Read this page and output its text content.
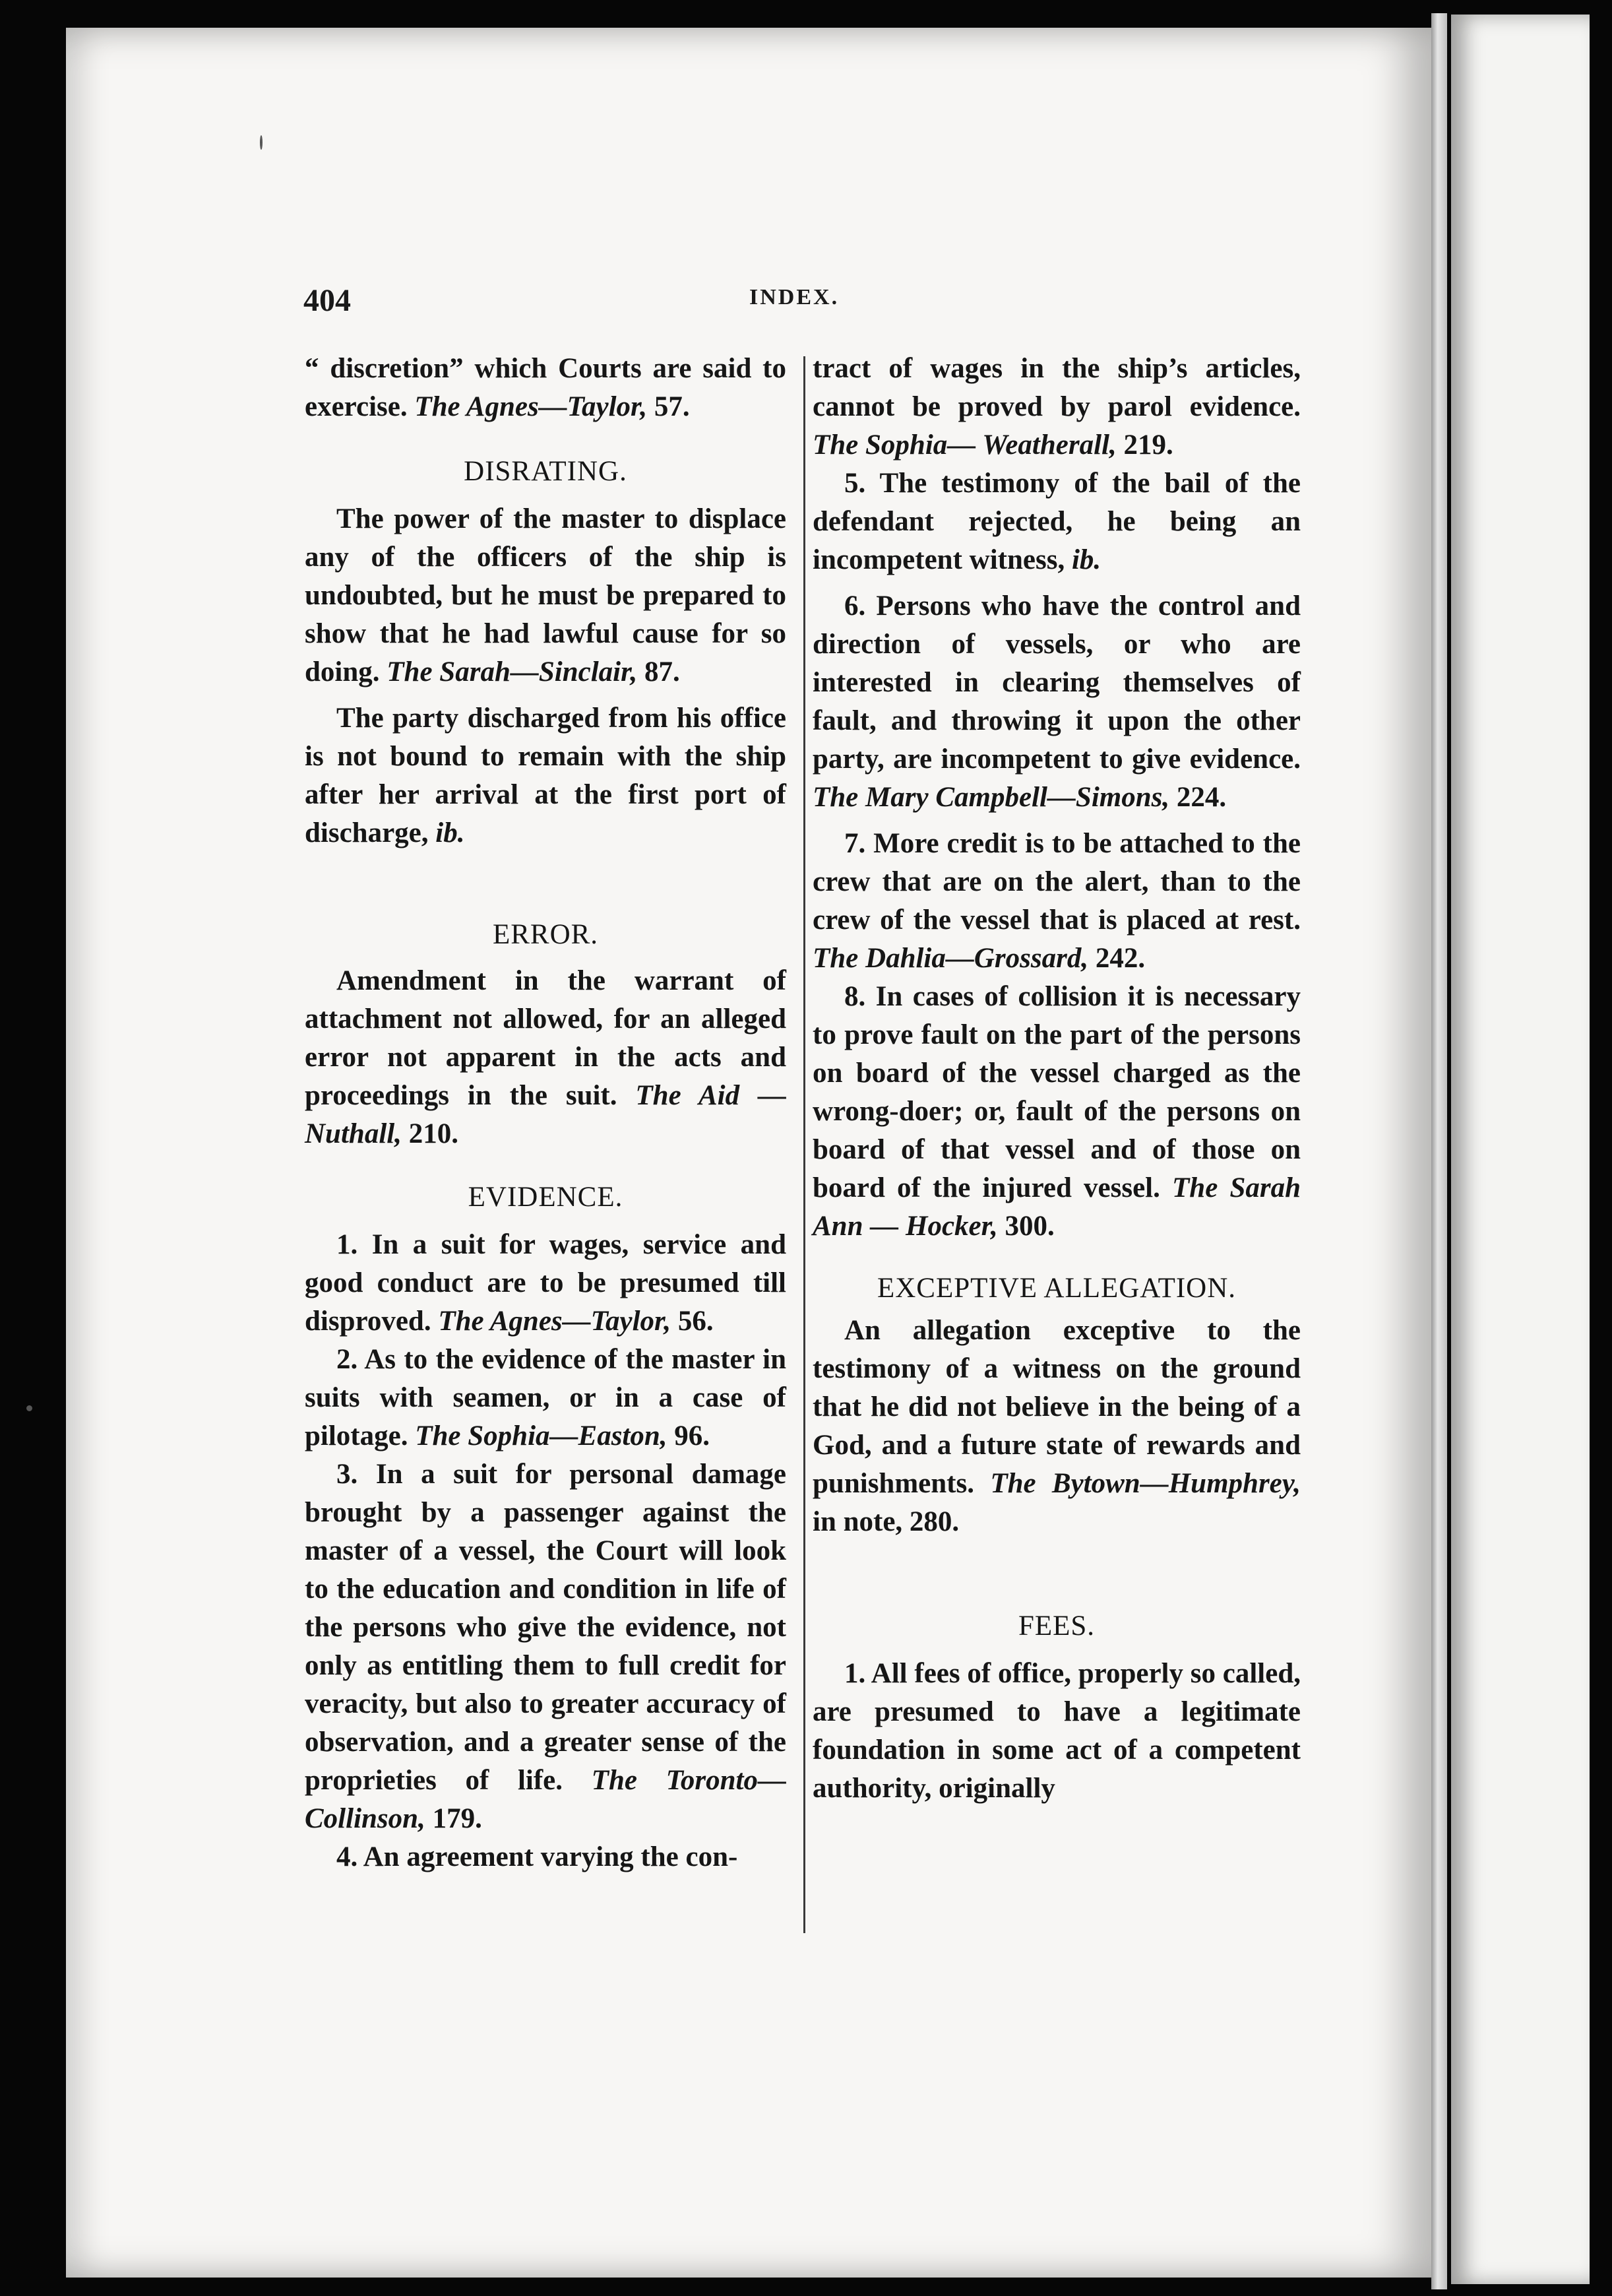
404	INDEX.

“ discretion” which Courts are said to exercise. The Agnes—Taylor, 57.

DISRATING.

The power of the master to displace any of the officers of the ship is undoubted, but he must be prepared to show that he had lawful cause for so doing. The Sarah—Sinclair, 87.

The party discharged from his office is not bound to remain with the ship after her arrival at the first port of discharge, ib.

ERROR.

Amendment in the warrant of attachment not allowed, for an alleged error not apparent in the acts and proceedings in the suit. The Aid —Nuthall, 210.

EVIDENCE.

1. In a suit for wages, service and good conduct are to be presumed till disproved. The Agnes—Taylor, 56.

2. As to the evidence of the master in suits with seamen, or in a case of pilotage. The Sophia—Easton, 96.

3. In a suit for personal damage brought by a passenger against the master of a vessel, the Court will look to the education and condition in life of the persons who give the evidence, not only as entitling them to full credit for veracity, but also to greater accuracy of observation, and a greater sense of the proprieties of life. The Toronto—Collinson, 179.

4. An agreement varying the con-

tract of wages in the ship’s articles, cannot be proved by parol evidence. The Sophia— Weatherall, 219.

5. The testimony of the bail of the defendant rejected, he being an incompetent witness, ib.

6. Persons who have the control and direction of vessels, or who are interested in clearing themselves of fault, and throwing it upon the other party, are incompetent to give evidence. The Mary Campbell—Simons, 224.

7. More credit is to be attached to the crew that are on the alert, than to the crew of the vessel that is placed at rest. The Dahlia—Grossard, 242.

8. In cases of collision it is necessary to prove fault on the part of the persons on board of the vessel charged as the wrong-doer; or, fault of the persons on board of that vessel and of those on board of the injured vessel. The Sarah Ann — Hocker, 300.

EXCEPTIVE ALLEGATION.

An allegation exceptive to the testimony of a witness on the ground that he did not believe in the being of a God, and a future state of rewards and punishments. The Bytown—Humphrey, in note, 280.

FEES.

1. All fees of office, properly so called, are presumed to have a legitimate foundation in some act of a competent authority, originally
